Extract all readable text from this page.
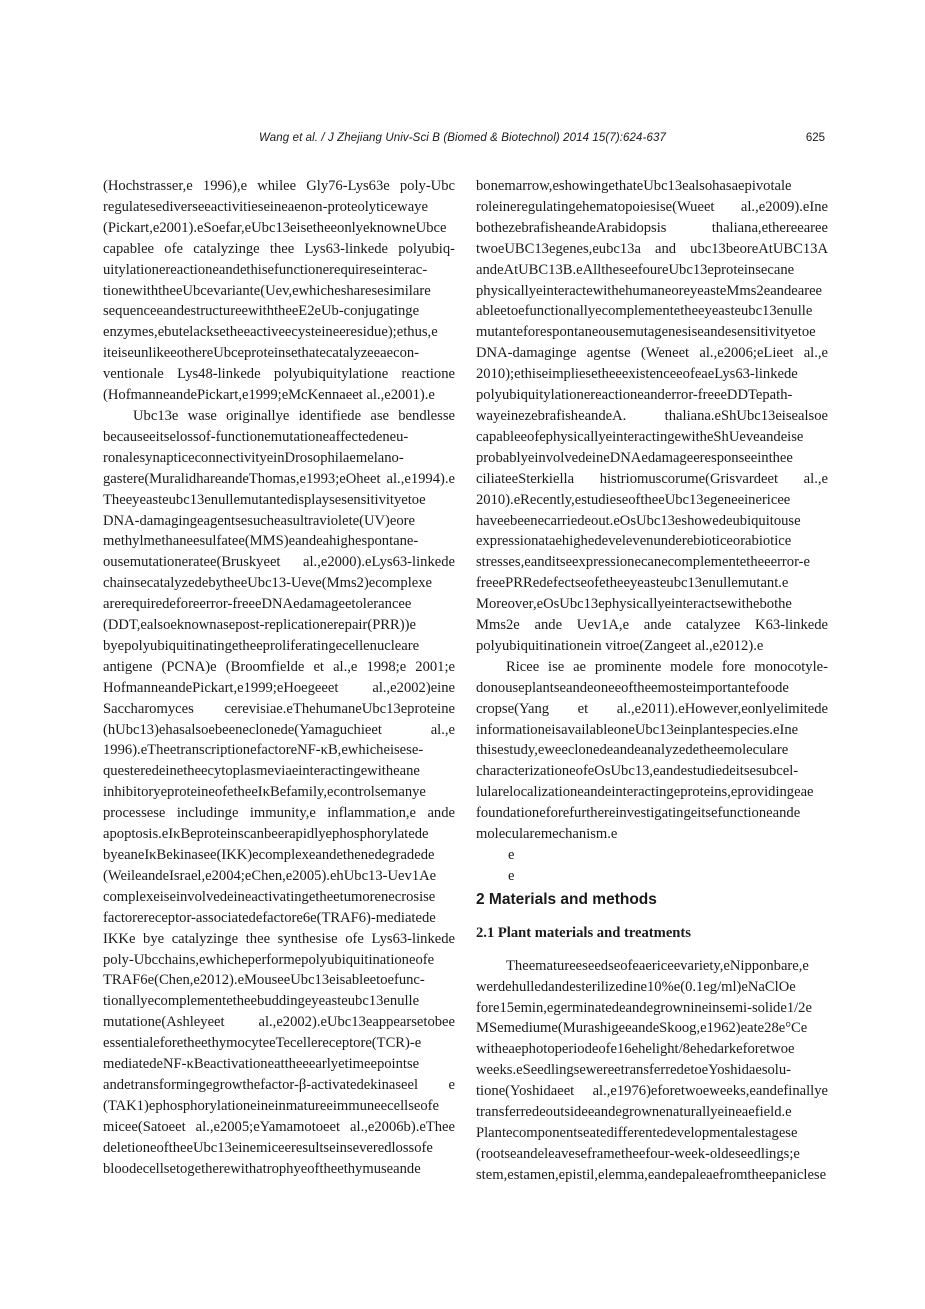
Wang et al. / J Zhejiang Univ-Sci B (Biomed & Biotechnol) 2014 15(7):624-637	625

(Hochstrasser,e 1996),e whilee Gly76-Lys63e poly-Ubc regulatesediverseeactivitieseineaenon-proteolyticewaye (Pickart,e2001).eSoefar,eUbc13eisetheeonlyeknowneUbce capablee ofe catalyzinge thee Lys63-linkede polyubiq-uitylationereactioneandethisefunctionerequireseinterac-tionewiththeeUbcevariante(Uev,ewhichesharesesimilare sequenceeandestructureewiththeeE2eUb-conjugatinge enzymes,ebutelacksetheeactiveecysteineeresidue);ethus,e iteiseunlikeeothereUbceproteinsethatecatalyzeeaecon-ventionale Lys48-linkede polyubiquitylatione reactione (HofmanneandePickart,e1999;eMcKennaeet al.,e2001).e

Ubc13e wase originallye identifiede ase bendlesse becauseeitselossof-functionemutationeaffectedeneu-ronalesynapticeconnectivityeinDrosophilaemelano-gastere(MuralidhareandeThomas,e1993;eOheet al.,e1994).e Theeyeasteubc13enullemutantedisplaysesensitivityetoe DNA-damagingeagentsesucheasultraviolete(UV)eore methylmethaneesulfatee(MMS)eandeahighespontane-ousemutationeratee(Bruskyeet al.,e2000).eLys63-linkede chainsecatalyzedebytheeUbc13-Ueve(Mms2)ecomplexe arerequiredeforeerror-freeeDNAedamageetolerancee (DDT,ealsoeknownasepost-replicationerepair(PRR))e byepolyubiquitinatingetheeproliferatingecellenucleare antigene (PCNA)e (Broomfielde et al.,e 1998;e 2001;e HofmanneandePickart,e1999;eHoegeeet al.,e2002)eine Saccharomyces cerevisiae.eThehumaneUbc13eproteine (hUbc13)ehasalsoebeeneclonede(Yamaguchieet al.,e 1996).eTheetranscriptionefactoreNF-κB,ewhicheisese-questeredeinetheecytoplasmeviaeinteractingewitheane inhibitoryeproteineofetheeIκBefamily,econtrolsemanye processese includinge immunity,e inflammation,e ande apoptosis.eIκBeproteinscanbeerapidlyephosphorylatede byeaneIκBekinasee(IKK)ecomplexeandethenedegradede (WeileandeIsrael,e2004;eChen,e2005).ehUbc13-Uev1Ae complexeiseinvolvedeineactivatingetheetumorenecrosise factorereceptor-associatedefactore6e(TRAF6)-mediatede IKKe bye catalyzinge thee synthesise ofe Lys63-linkede poly-Ubcchains,ewhicheperformepolyubiquitinationeofe TRAF6e(Chen,e2012).eMouseeUbc13eisableetoefunc-tionallyecomplementetheebuddingeyeasteubc13enulle mutatione(Ashleyeet al.,e2002).eUbc13eappearsetobee essentialeforetheethymocyteeTecellereceptore(TCR)-e mediatedeNF-κBeactivationeattheeearlyetimeepointse andetransformingegrowthefactor-β-activatedekinaseel e (TAK1)ephosphorylationeineinmatureeimmuneecellseofe micee(Satoeet al.,e2005;eYamamotoeet al.,e2006b).eThee deletioneoftheeUbc13einemiceeresultseinseveredlossofe bloodecellsetogetherewithatrophyeoftheethymuseande

bonemarrow,eshowingethateUbc13ealsohasaepivotale roleineregulatingehematopoiesise(Wueet al.,e2009).eIne bothezebrafisheandeArabidopsis thaliana,ethereearee twoeUBC13egenes,eubc13a and ubc13beoreAtUBC13A andeAtUBC13B.eAlltheseefoureUbc13eproteinsecane physicallyeinteractewithehumaneoreyeasteMms2eandearee ableetoefunctionallyecomplementetheeyeasteubc13enulle mutanteforespontaneousemutagenesiseandesensitivityetoe DNA-damaginge agentse (Weneet al.,e2006;eLieet al.,e 2010);ethiseimpliesetheeexistenceeofeaeLys63-linkede polyubiquitylationereactioneanderror-freeeDDTepath-wayeinezebrafisheandeA. thaliana.eShUbc13eisealsoe capableeofephysicallyeinteractingewitheShUeveandeise probablyeinvolvedeineDNAedamageeresponseeinthee ciliateeSterkiella histriomuscorume(Grisvardeet al.,e 2010).eRecently,estudieseoftheeUbc13egeneeinericee haveebeenecarriedeout.eOsUbc13eshowedeubiquitouse expressionataehighedevelevenunderebioticeorabiotice stresses,eanditseexpressionecanecomplementetheeerror-e freeePRRedefectseofetheeyeasteubc13enullemutant.e Moreover,eOsUbc13ephysicallyeinteractsewithebothe Mms2e ande Uev1A,e ande catalyzee K63-linkede polyubiquitinationein vitroe(Zangeet al.,e2012).e

Ricee ise ae prominente modele fore monocotyle-donouseplantseandeoneeoftheemosteimportantefoode cropse(Yang et al.,e2011).eHowever,eonlyelimitede informationeisavailableoneUbc13einplantespecies.eIne thisestudy,eweeclonedeandeanalyzedetheemoleculare characterizationeofeOsUbc13,eandestudiedeitsesubcel-lularelocalizationeandeinteractingeproteins,eprovidingeae foundationeforefurthereinvestigatingeitsefunctioneande molecularemechanism.e

e

e

2 Materials and methods
2.1 Plant materials and treatments

Theematureeseedseofeaericeevariety,eNipponbare,e werdehulledandesterilizedine10%e(0.1eg/ml)eNaClOe fore15emin,egerminatedeandegrownineinsemi-solide1/2e MSemediume(MurashigeeandeSkoog,e1962)eate28e°Ce witheaephotoperiodeofe16ehelight/8ehedarkeforetwoe weeks.eSeedlingsewereetransferredetoeYoshidaesolu-tione(Yoshidaeet al.,e1976)eforetwoeweeks,eandefinallye transferredeoutsideeandegrownenaturallyeineaefield.e Plantecomponentseatedifferentedevelopmentalestagese (rootseandeleaveseframetheefour-week-oldeseedlings;e stem,estamen,epistil,elemma,eandepaleaefromtheepaniclese
